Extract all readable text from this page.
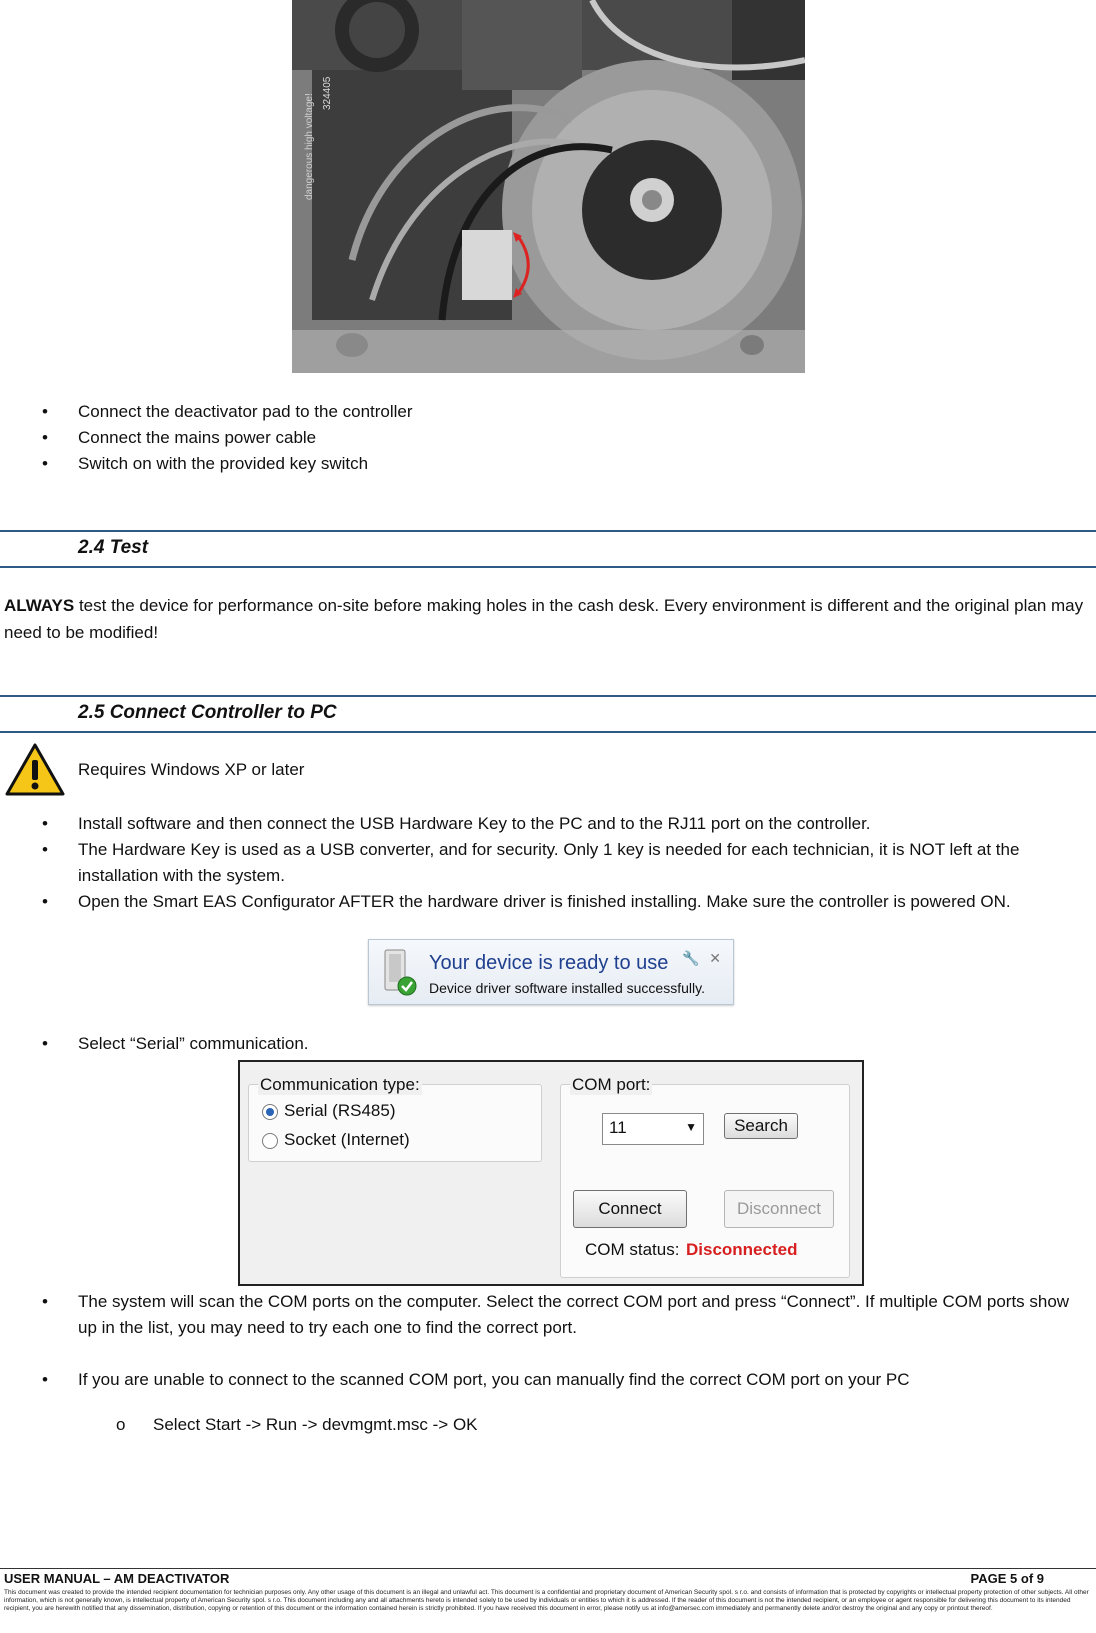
324405
dangerous high voltage!
• Connect the deactivator pad to the controller
• Connect the mains power cable
• Switch on with the provided key switch
2.4 Test
ALWAYS test the device for performance on-site before making holes in the cash desk. Every environment is different and the original plan may need to be modified!
2.5 Connect Controller to PC
Requires Windows XP or later
• Install software and then connect the USB Hardware Key to the PC and to the RJ11 port on the controller.
• The Hardware Key is used as a USB converter, and for security. Only 1 key is needed for each technician, it is NOT left at the installation with the system.
• Open the Smart EAS Configurator AFTER the hardware driver is finished installing. Make sure the controller is powered ON.
Your device is ready to use
Device driver software installed successfully.
🔧 ✕
• Select “Serial” communication.
Communication type:
Serial (RS485)
Socket (Internet)
COM port:
11	▼	Search
Connect	Disconnect
COM status: Disconnected
• The system will scan the COM ports on the computer. Select the correct COM port and press “Connect”. If multiple COM ports show up in the list, you may need to try each one to find the correct port.
• If you are unable to connect to the scanned COM port, you can manually find the correct COM port on your PC
o Select Start -> Run -> devmgmt.msc -> OK
USER MANUAL – AM DEACTIVATOR	PAGE 5 of 9
This document was created to provide the intended recipient documentation for technician purposes only. Any other usage of this document is an illegal and unlawful act. This document is a confidential and proprietary document of American Security spol. s r.o. and consists of information that is protected by copyrights or intellectual property protection of other subjects. All other information, which is not generally known, is intellectual property of American Security spol. s r.o. This document including any and all attachments hereto is intended solely to be used by individuals or entities to which it is addressed. If the reader of this document is not the intended recipient, or an employee or agent responsible for delivering this document to its intended recipient, you are herewith notified that any dissemination, distribution, copying or retention of this document or the information contained herein is strictly prohibited. If you have received this document in error, please notify us at info@amersec.com immediately and permanently delete and/or destroy the original and any copy or printout thereof.
